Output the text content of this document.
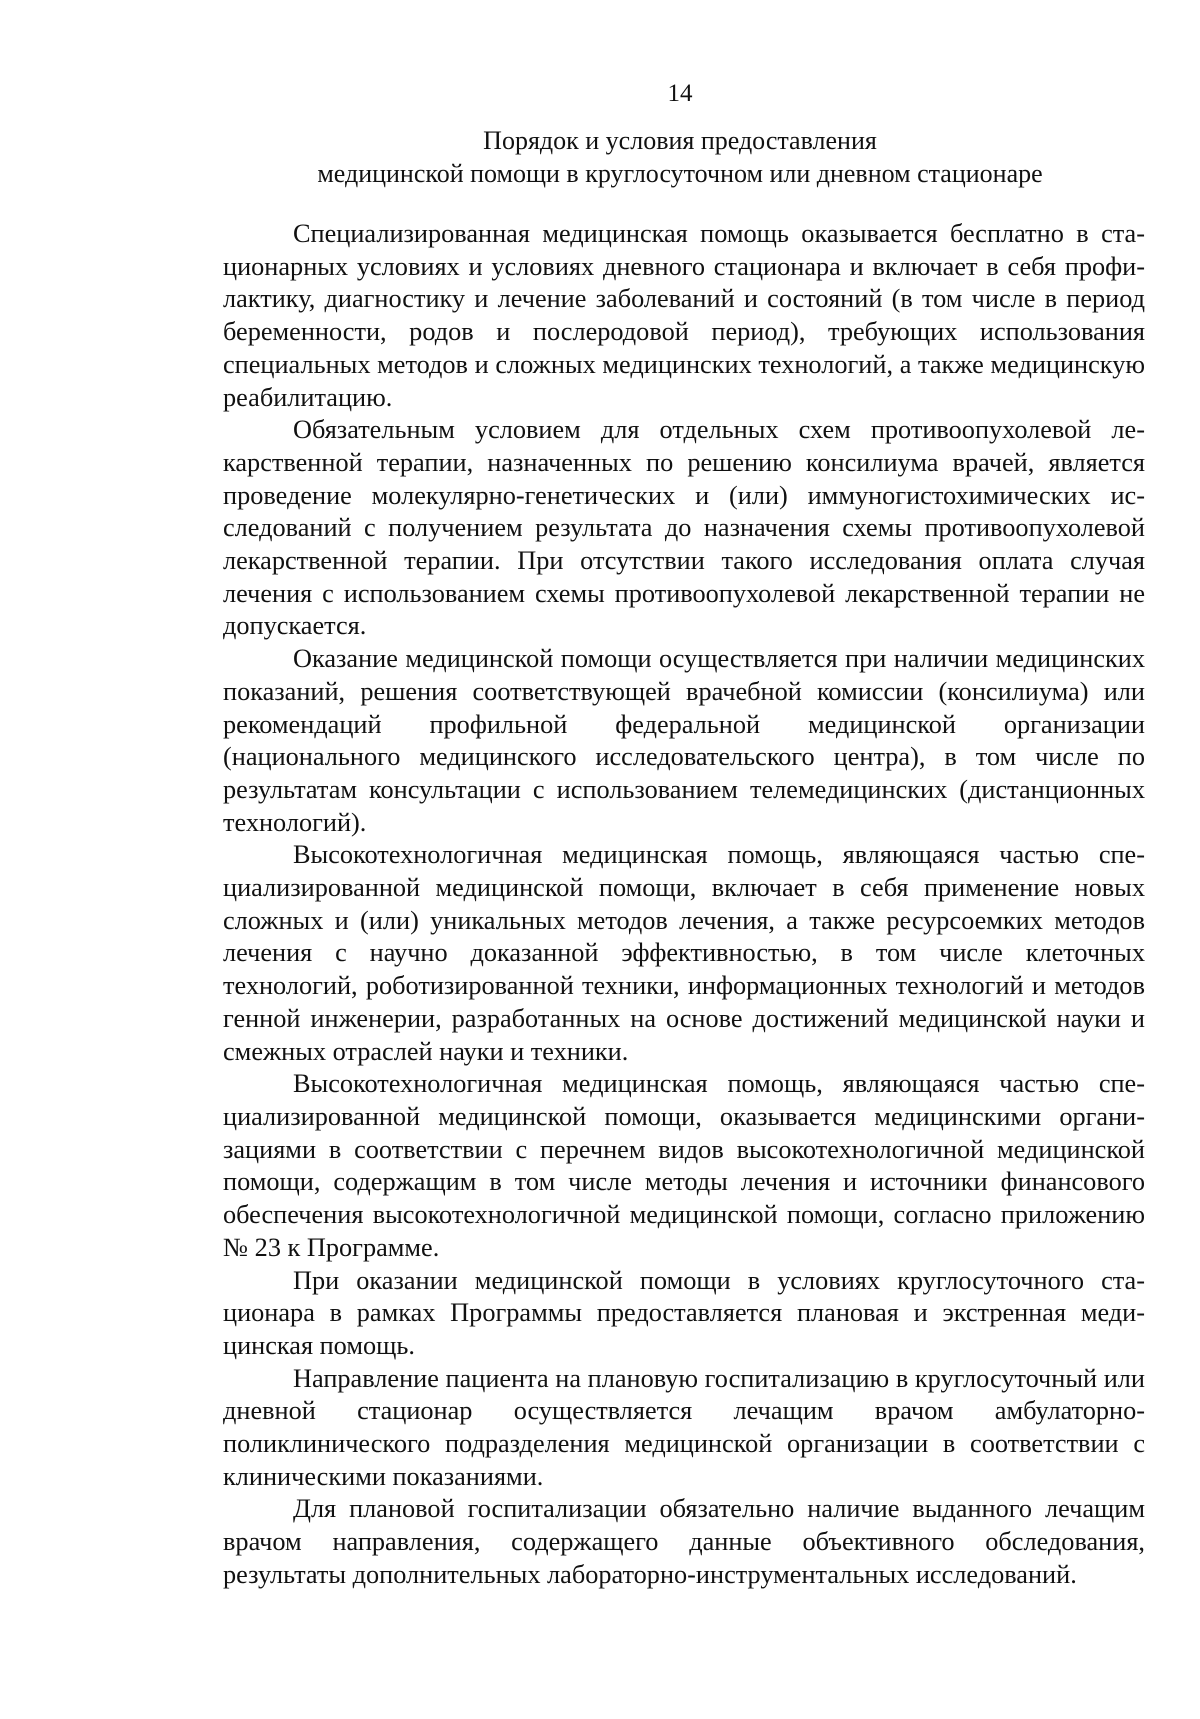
14
Порядок и условия предоставления
медицинской помощи в круглосуточном или дневном стационаре

Специализированная медицинская помощь оказывается бесплатно в стационарных условиях и условиях дневного стационара и включает в себя профилактику, диагностику и лечение заболеваний и состояний (в том числе в период беременности, родов и послеродовой период), требующих использования специальных методов и сложных медицинских технологий, а также медицинскую реабилитацию.

Обязательным условием для отдельных схем противоопухолевой лекарственной терапии, назначенных по решению консилиума врачей, является проведение молекулярно-генетических и (или) иммуногистохимических исследований с получением результата до назначения схемы противоопухолевой лекарственной терапии. При отсутствии такого исследования оплата случая лечения с использованием схемы противоопухолевой лекарственной терапии не допускается.

Оказание медицинской помощи осуществляется при наличии медицинских показаний, решения соответствующей врачебной комиссии (консилиума) или рекомендаций профильной федеральной медицинской организации (национального медицинского исследовательского центра), в том числе по результатам консультации с использованием телемедицинских (дистанционных технологий).

Высокотехнологичная медицинская помощь, являющаяся частью специализированной медицинской помощи, включает в себя применение новых сложных и (или) уникальных методов лечения, а также ресурсоемких методов лечения с научно доказанной эффективностью, в том числе клеточных технологий, роботизированной техники, информационных технологий и методов генной инженерии, разработанных на основе достижений медицинской науки и смежных отраслей науки и техники.

Высокотехнологичная медицинская помощь, являющаяся частью специализированной медицинской помощи, оказывается медицинскими организациями в соответствии с перечнем видов высокотехнологичной медицинской помощи, содержащим в том числе методы лечения и источники финансового обеспечения высокотехнологичной медицинской помощи, согласно приложению № 23 к Программе.

При оказании медицинской помощи в условиях круглосуточного стационара в рамках Программы предоставляется плановая и экстренная медицинская помощь.

Направление пациента на плановую госпитализацию в круглосуточный или дневной стационар осуществляется лечащим врачом амбулаторно-поликлинического подразделения медицинской организации в соответствии с клиническими показаниями.

Для плановой госпитализации обязательно наличие выданного лечащим врачом направления, содержащего данные объективного обследования, результаты дополнительных лабораторно-инструментальных исследований.
